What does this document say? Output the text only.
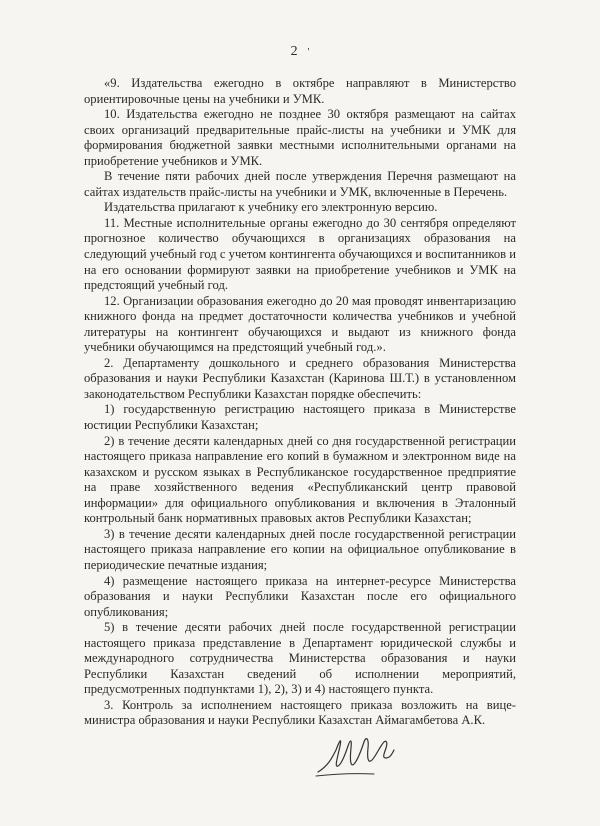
2 '

«9. Издательства ежегодно в октябре направляют в Министерство ориентировочные цены на учебники и УМК.

10. Издательства ежегодно не позднее 30 октября размещают на сайтах своих организаций предварительные прайс-листы на учебники и УМК для формирования бюджетной заявки местными исполнительными органами на приобретение учебников и УМК.

В течение пяти рабочих дней после утверждения Перечня размещают на сайтах издательств прайс-листы на учебники и УМК, включенные в Перечень.

Издательства прилагают к учебнику его электронную версию.

11. Местные исполнительные органы ежегодно до 30 сентября определяют прогнозное количество обучающихся в организациях образования на следующий учебный год с учетом контингента обучающихся и воспитанников и на его основании формируют заявки на приобретение учебников и УМК на предстоящий учебный год.

12. Организации образования ежегодно до 20 мая проводят инвентаризацию книжного фонда на предмет достаточности количества учебников и учебной литературы на контингент обучающихся и выдают из книжного фонда учебники обучающимся на предстоящий учебный год.».

2. Департаменту дошкольного и среднего образования Министерства образования и науки Республики Казахстан (Каринова Ш.Т.) в установленном законодательством Республики Казахстан порядке обеспечить:

1) государственную регистрацию настоящего приказа в Министерстве юстиции Республики Казахстан;

2) в течение десяти календарных дней со дня государственной регистрации настоящего приказа направление его копий в бумажном и электронном виде на казахском и русском языках в Республиканское государственное предприятие на праве хозяйственного ведения «Республиканский центр правовой информации» для официального опубликования и включения в Эталонный контрольный банк нормативных правовых актов Республики Казахстан;

3) в течение десяти календарных дней после государственной регистрации настоящего приказа направление его копии на официальное опубликование в периодические печатные издания;

4) размещение настоящего приказа на интернет-ресурсе Министерства образования и науки Республики Казахстан после его официального опубликования;

5) в течение десяти рабочих дней после государственной регистрации настоящего приказа представление в Департамент юридической службы и международного сотрудничества Министерства образования и науки Республики Казахстан сведений об исполнении мероприятий, предусмотренных подпунктами 1), 2), 3) и 4) настоящего пункта.

3. Контроль за исполнением настоящего приказа возложить на вице-министра образования и науки Республики Казахстан Аймагамбетова А.К.
